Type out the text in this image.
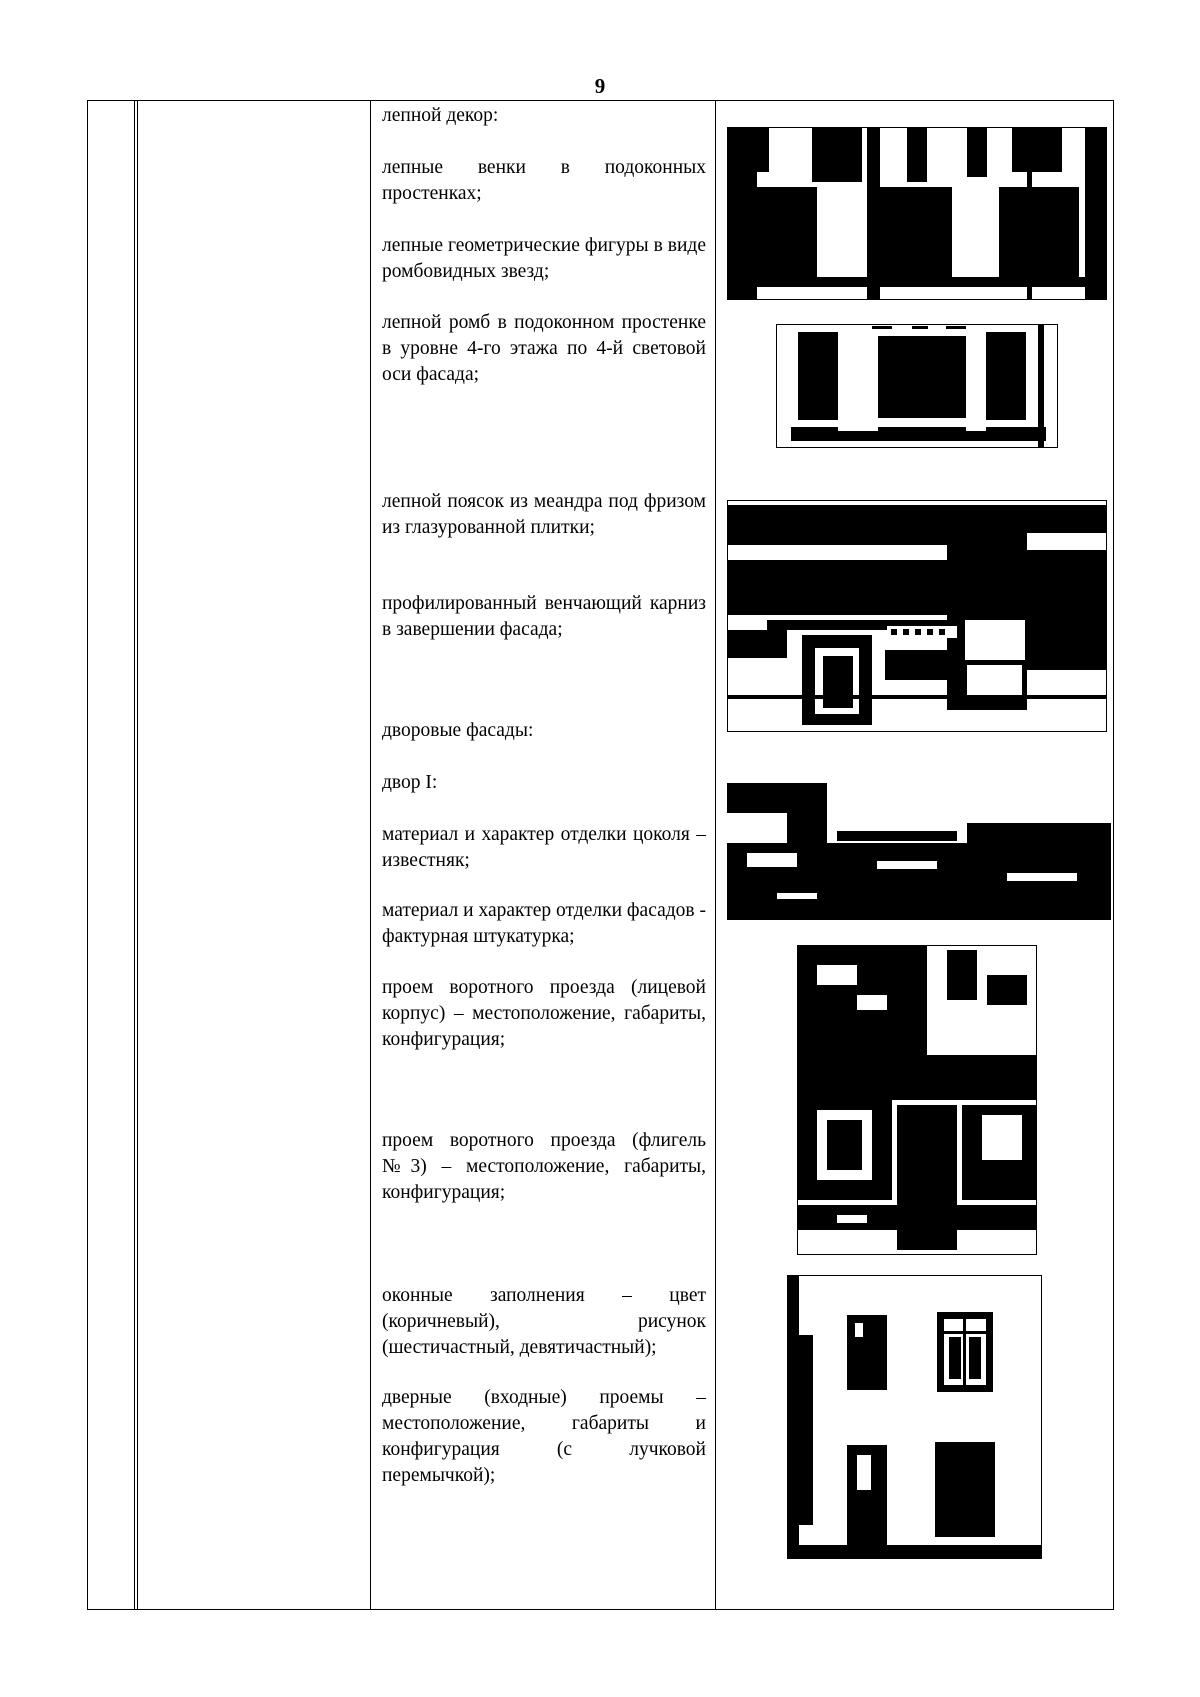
9
лепной декор:
лепные венки в подоконных простенках;
лепные геометрические фигуры в виде ромбовидных звезд;
лепной ромб в подоконном простенке в уровне 4-го этажа по 4-й световой оси фасада;
лепной поясок из меандра под фризом из глазурованной плитки;
профилированный венчающий карниз в завершении фасада;
дворовые фасады:
двор I:
материал и характер отделки цоколя – известняк;
материал и характер отделки фасадов - фактурная штукатурка;
проем воротного проезда (лицевой корпус) – местоположение, габариты, конфигурация;
проем воротного проезда (флигель №3) – местоположение, габариты, конфигурация;
оконные заполнения – цвет (коричневый), рисунок (шестичастный, девятичастный);
дверные (входные) проемы – местоположение, габариты и конфигурация (с лучковой перемычкой);
